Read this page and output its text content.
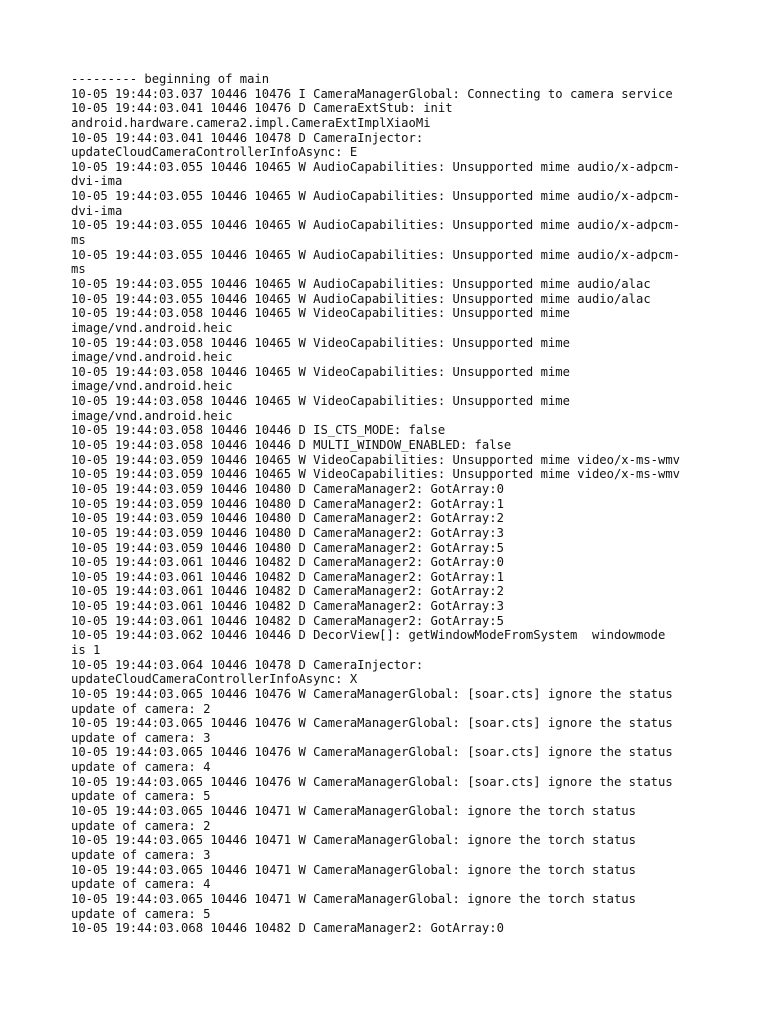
--------- beginning of main
10-05 19:44:03.037 10446 10476 I CameraManagerGlobal: Connecting to camera service
10-05 19:44:03.041 10446 10476 D CameraExtStub: init
android.hardware.camera2.impl.CameraExtImplXiaoMi
10-05 19:44:03.041 10446 10478 D CameraInjector:
updateCloudCameraControllerInfoAsync: E
10-05 19:44:03.055 10446 10465 W AudioCapabilities: Unsupported mime audio/x-adpcm-
dvi-ima
10-05 19:44:03.055 10446 10465 W AudioCapabilities: Unsupported mime audio/x-adpcm-
dvi-ima
10-05 19:44:03.055 10446 10465 W AudioCapabilities: Unsupported mime audio/x-adpcm-
ms
10-05 19:44:03.055 10446 10465 W AudioCapabilities: Unsupported mime audio/x-adpcm-
ms
10-05 19:44:03.055 10446 10465 W AudioCapabilities: Unsupported mime audio/alac
10-05 19:44:03.055 10446 10465 W AudioCapabilities: Unsupported mime audio/alac
10-05 19:44:03.058 10446 10465 W VideoCapabilities: Unsupported mime
image/vnd.android.heic
10-05 19:44:03.058 10446 10465 W VideoCapabilities: Unsupported mime
image/vnd.android.heic
10-05 19:44:03.058 10446 10465 W VideoCapabilities: Unsupported mime
image/vnd.android.heic
10-05 19:44:03.058 10446 10465 W VideoCapabilities: Unsupported mime
image/vnd.android.heic
10-05 19:44:03.058 10446 10446 D IS_CTS_MODE: false
10-05 19:44:03.058 10446 10446 D MULTI_WINDOW_ENABLED: false
10-05 19:44:03.059 10446 10465 W VideoCapabilities: Unsupported mime video/x-ms-wmv
10-05 19:44:03.059 10446 10465 W VideoCapabilities: Unsupported mime video/x-ms-wmv
10-05 19:44:03.059 10446 10480 D CameraManager2: GotArray:0
10-05 19:44:03.059 10446 10480 D CameraManager2: GotArray:1
10-05 19:44:03.059 10446 10480 D CameraManager2: GotArray:2
10-05 19:44:03.059 10446 10480 D CameraManager2: GotArray:3
10-05 19:44:03.059 10446 10480 D CameraManager2: GotArray:5
10-05 19:44:03.061 10446 10482 D CameraManager2: GotArray:0
10-05 19:44:03.061 10446 10482 D CameraManager2: GotArray:1
10-05 19:44:03.061 10446 10482 D CameraManager2: GotArray:2
10-05 19:44:03.061 10446 10482 D CameraManager2: GotArray:3
10-05 19:44:03.061 10446 10482 D CameraManager2: GotArray:5
10-05 19:44:03.062 10446 10446 D DecorView[]: getWindowModeFromSystem  windowmode
is 1
10-05 19:44:03.064 10446 10478 D CameraInjector:
updateCloudCameraControllerInfoAsync: X
10-05 19:44:03.065 10446 10476 W CameraManagerGlobal: [soar.cts] ignore the status
update of camera: 2
10-05 19:44:03.065 10446 10476 W CameraManagerGlobal: [soar.cts] ignore the status
update of camera: 3
10-05 19:44:03.065 10446 10476 W CameraManagerGlobal: [soar.cts] ignore the status
update of camera: 4
10-05 19:44:03.065 10446 10476 W CameraManagerGlobal: [soar.cts] ignore the status
update of camera: 5
10-05 19:44:03.065 10446 10471 W CameraManagerGlobal: ignore the torch status
update of camera: 2
10-05 19:44:03.065 10446 10471 W CameraManagerGlobal: ignore the torch status
update of camera: 3
10-05 19:44:03.065 10446 10471 W CameraManagerGlobal: ignore the torch status
update of camera: 4
10-05 19:44:03.065 10446 10471 W CameraManagerGlobal: ignore the torch status
update of camera: 5
10-05 19:44:03.068 10446 10482 D CameraManager2: GotArray:0
